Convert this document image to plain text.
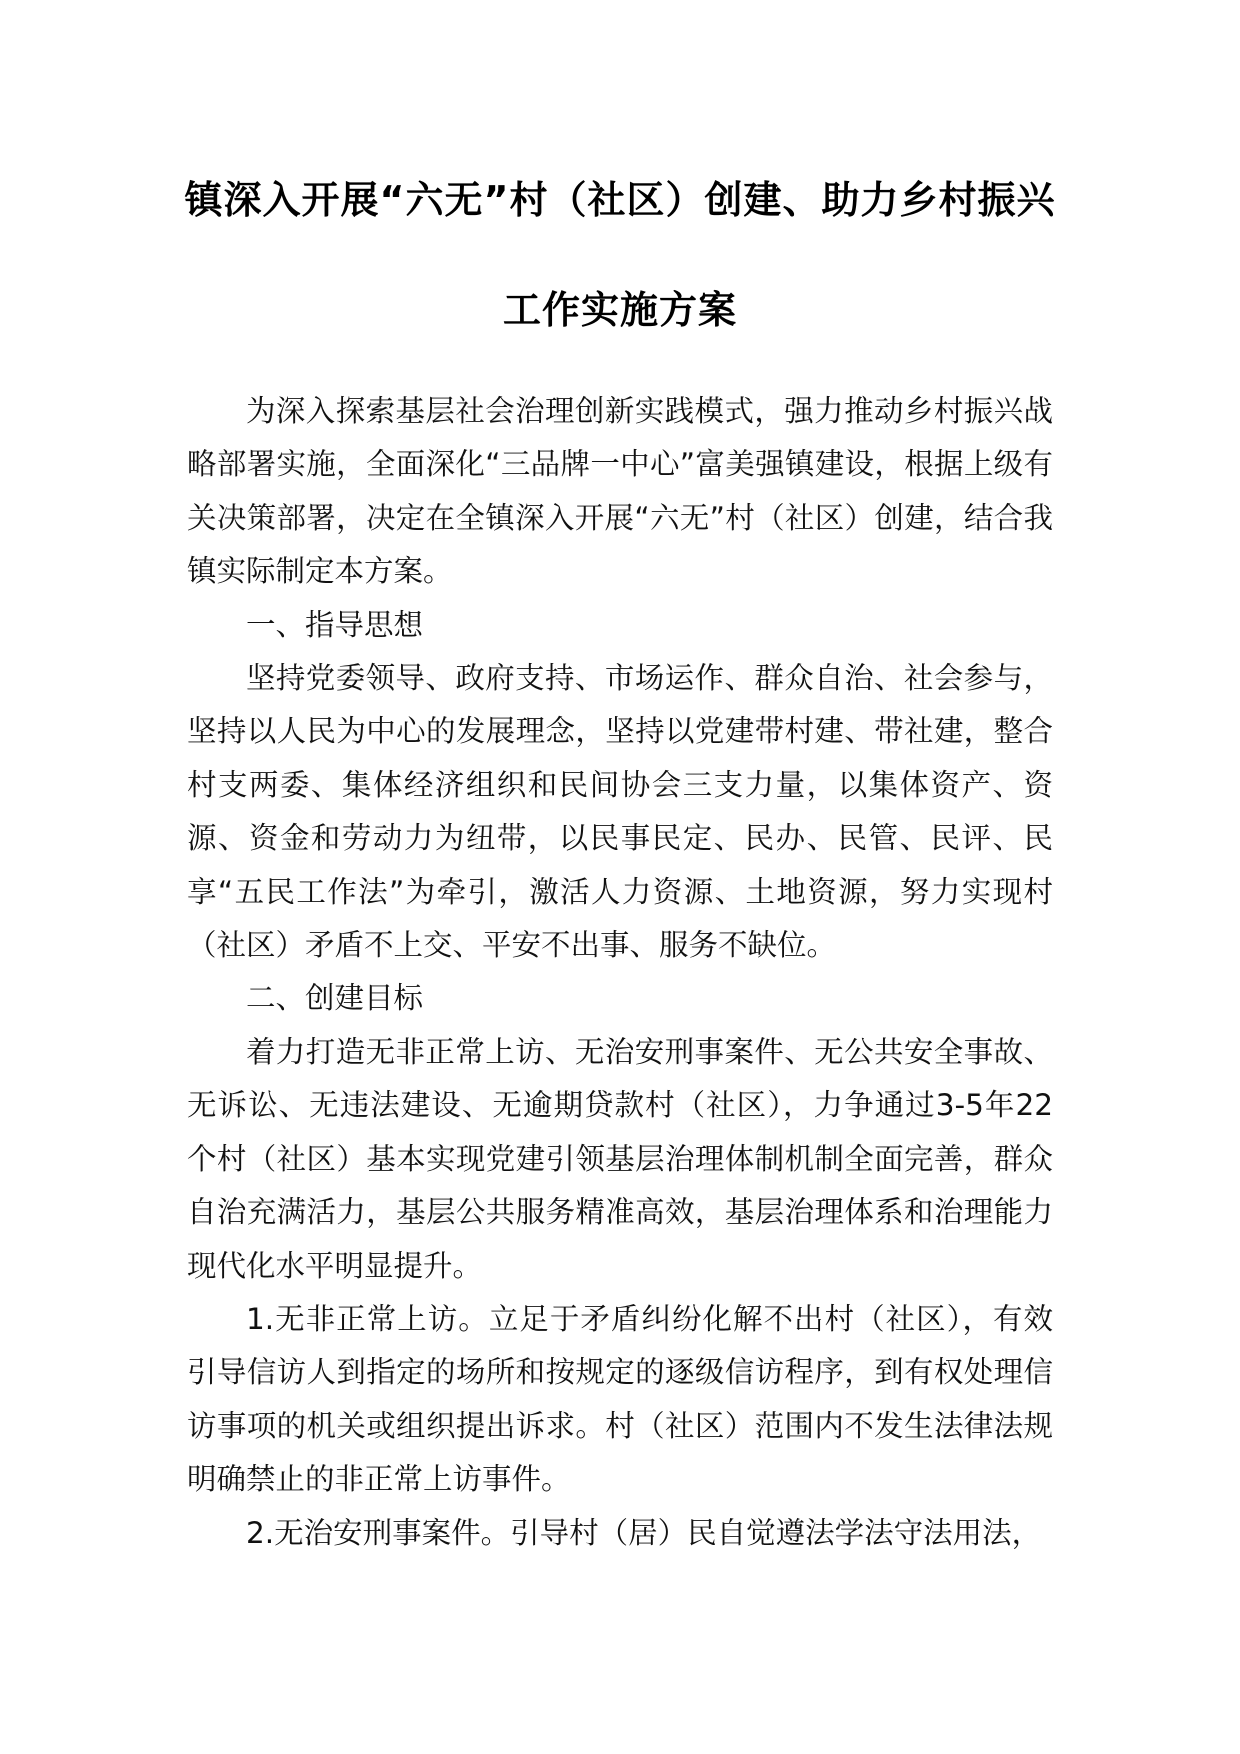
镇深入开展“六无”村（社区）创建、助力乡村振兴
工作实施方案

为深入探索基层社会治理创新实践模式，强力推动乡村振兴战略部署实施，全面深化“三品牌一中心”富美强镇建设，根据上级有关决策部署，决定在全镇深入开展“六无”村（社区）创建，结合我镇实际制定本方案。

一、指导思想

坚持党委领导、政府支持、市场运作、群众自治、社会参与，坚持以人民为中心的发展理念，坚持以党建带村建、带社建，整合村支两委、集体经济组织和民间协会三支力量，以集体资产、资源、资金和劳动力为纽带，以民事民定、民办、民管、民评、民享“五民工作法”为牵引，激活人力资源、土地资源，努力实现村（社区）矛盾不上交、平安不出事、服务不缺位。

二、创建目标

着力打造无非正常上访、无治安刑事案件、无公共安全事故、无诉讼、无违法建设、无逾期贷款村（社区），力争通过3-5年22个村（社区）基本实现党建引领基层治理体制机制全面完善，群众自治充满活力，基层公共服务精准高效，基层治理体系和治理能力现代化水平明显提升。

1.无非正常上访。立足于矛盾纠纷化解不出村（社区），有效引导信访人到指定的场所和按规定的逐级信访程序，到有权处理信访事项的机关或组织提出诉求。村（社区）范围内不发生法律法规明确禁止的非正常上访事件。

2.无治安刑事案件。引导村（居）民自觉遵法学法守法用法，
